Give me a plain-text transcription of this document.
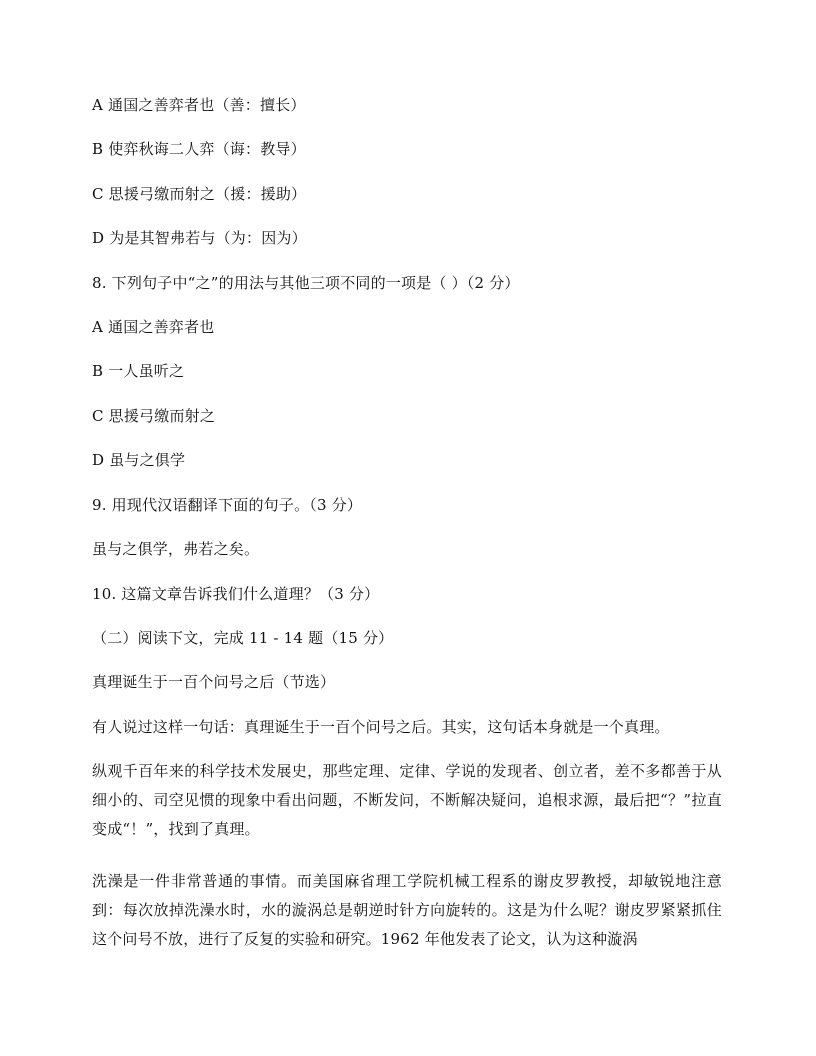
A 通国之善弈者也（善：擅长）
B 使弈秋诲二人弈（诲：教导）
C 思援弓缴而射之（援：援助）
D 为是其智弗若与（为：因为）
8. 下列句子中“之”的用法与其他三项不同的一项是（ ）（2 分）
A 通国之善弈者也
B 一人虽听之
C 思援弓缴而射之
D 虽与之俱学
9. 用现代汉语翻译下面的句子。（3 分）
虽与之俱学，弗若之矣。
10. 这篇文章告诉我们什么道理？（3 分）
（二）阅读下文，完成 11 - 14 题（15 分）
真理诞生于一百个问号之后（节选）
有人说过这样一句话：真理诞生于一百个问号之后。其实，这句话本身就是一个真理。
纵观千百年来的科学技术发展史，那些定理、定律、学说的发现者、创立者，差不多都善于从细小的、司空见惯的现象中看出问题，不断发问，不断解决疑问，追根求源，最后把“？”拉直变成“！”，找到了真理。
洗澡是一件非常普通的事情。而美国麻省理工学院机械工程系的谢皮罗教授，却敏锐地注意到：每次放掉洗澡水时，水的漩涡总是朝逆时针方向旋转的。这是为什么呢？谢皮罗紧紧抓住这个问号不放，进行了反复的实验和研究。1962 年他发表了论文，认为这种漩涡
